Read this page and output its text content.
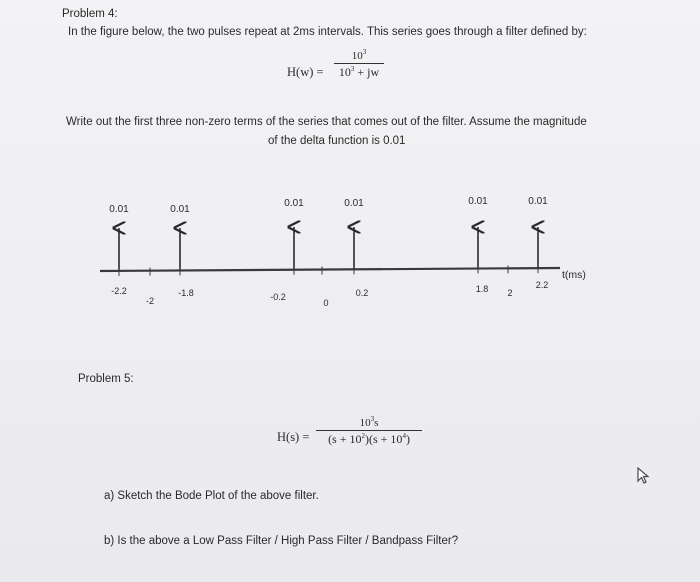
Problem 4:
In the figure below, the two pulses repeat at 2ms intervals. This series goes through a filter defined by:
H(w) =
$10^3$
$10^3$ + jw
Write out the first three non-zero terms of the series that comes out of the filter. Assume the magnitude
of the delta function is 0.01
t(ms)
0.01	0.01
0.01	0.01	0.01	0.01
-2.2
-2
-1.8	-0.2
0
0.2	1.8 2
2.2
Problem 5:
H(s) =
$10^3s$
$(s + 10^2)(s + 10^4)$
a) Sketch the Bode Plot of the above filter.
b) Is the above a Low Pass Filter / High Pass Filter / Bandpass Filter?
